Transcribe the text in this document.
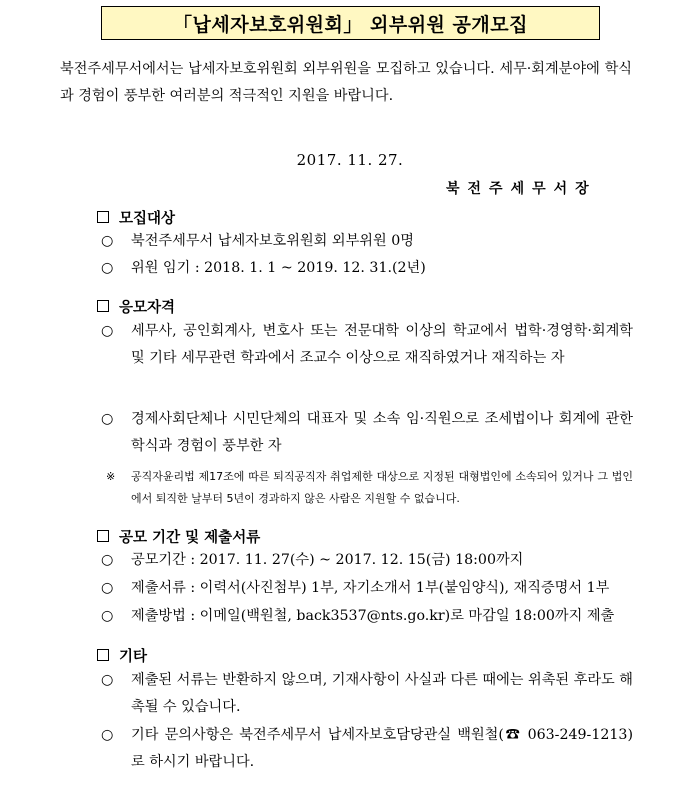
「납세자보호위원회」 외부위원 공개모집
북전주세무서에서는 납세자보호위원회 외부위원을 모집하고 있습니다. 세무·회계분야에 학식과 경험이 풍부한 여러분의 적극적인 지원을 바랍니다.
2017. 11. 27.
북전주세무서장
모집대상
○ 북전주세무서 납세자보호위원회 외부위원 0명
○ 위원 임기 : 2018. 1. 1 ~ 2019. 12. 31.(2년)
응모자격
○ 세무사, 공인회계사, 변호사 또는 전문대학 이상의 학교에서 법학·경영학·회계학 및 기타 세무관련 학과에서 조교수 이상으로 재직하였거나 재직하는 자
○ 경제사회단체나 시민단체의 대표자 및 소속 임·직원으로 조세법이나 회계에 관한 학식과 경험이 풍부한 자
※ 공직자윤리법 제17조에 따른 퇴직공직자 취업제한 대상으로 지정된 대형법인에 소속되어 있거나 그 법인에서 퇴직한 날부터 5년이 경과하지 않은 사람은 지원할 수 없습니다.
공모 기간 및 제출서류
○ 공모기간 : 2017. 11. 27(수) ~ 2017. 12. 15(금) 18:00까지
○ 제출서류 : 이력서(사진첨부) 1부, 자기소개서 1부(붙임양식), 재직증명서 1부
○ 제출방법 : 이메일(백원철, back3537@nts.go.kr)로 마감일 18:00까지 제출
기타
○ 제출된 서류는 반환하지 않으며, 기재사항이 사실과 다른 때에는 위촉된 후라도 해촉될 수 있습니다.
○ 기타 문의사항은 북전주세무서 납세자보호담당관실 백원철(☎ 063-249-1213)로 하시기 바랍니다.
